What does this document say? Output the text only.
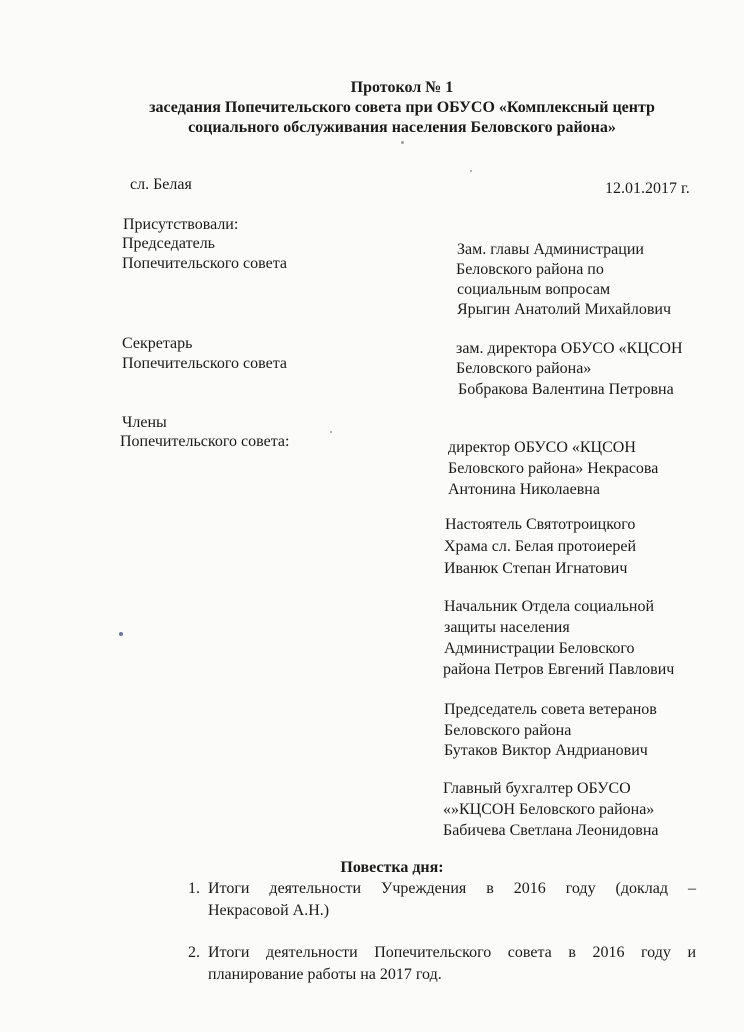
Протокол № 1
заседания Попечительского совета при ОБУСО «Комплексный центр
социального обслуживания населения Беловского района»
сл. Белая	12.01.2017 г.
Присутствовали:
Председатель
Попечительского совета
Зам. главы Администрации
Беловского района по
социальным вопросам
Ярыгин Анатолий Михайлович
Секретарь
Попечительского совета
зам. директора ОБУСО «КЦСОН
Беловского района»
Бобракова Валентина Петровна
Члены
Попечительского совета:	директор ОБУСО «КЦСОН
Беловского района» Некрасова
Антонина Николаевна
Настоятель Святотроицкого
Храма сл. Белая протоиерей
Иванюк Степан Игнатович
Начальник Отдела социальной
защиты населения
Администрации Беловского
района Петров Евгений Павлович
Председатель совета ветеранов
Беловского района
Бутаков Виктор Андрианович
Главный бухгалтер ОБУСО
«»КЦСОН Беловского района»
Бабичева Светлана Леонидовна
Повестка дня:
1. Итоги деятельности Учреждения в 2016 году (доклад –
Некрасовой А.Н.)
2. Итоги деятельности Попечительского совета в 2016 году и
планирование работы на 2017 год.
